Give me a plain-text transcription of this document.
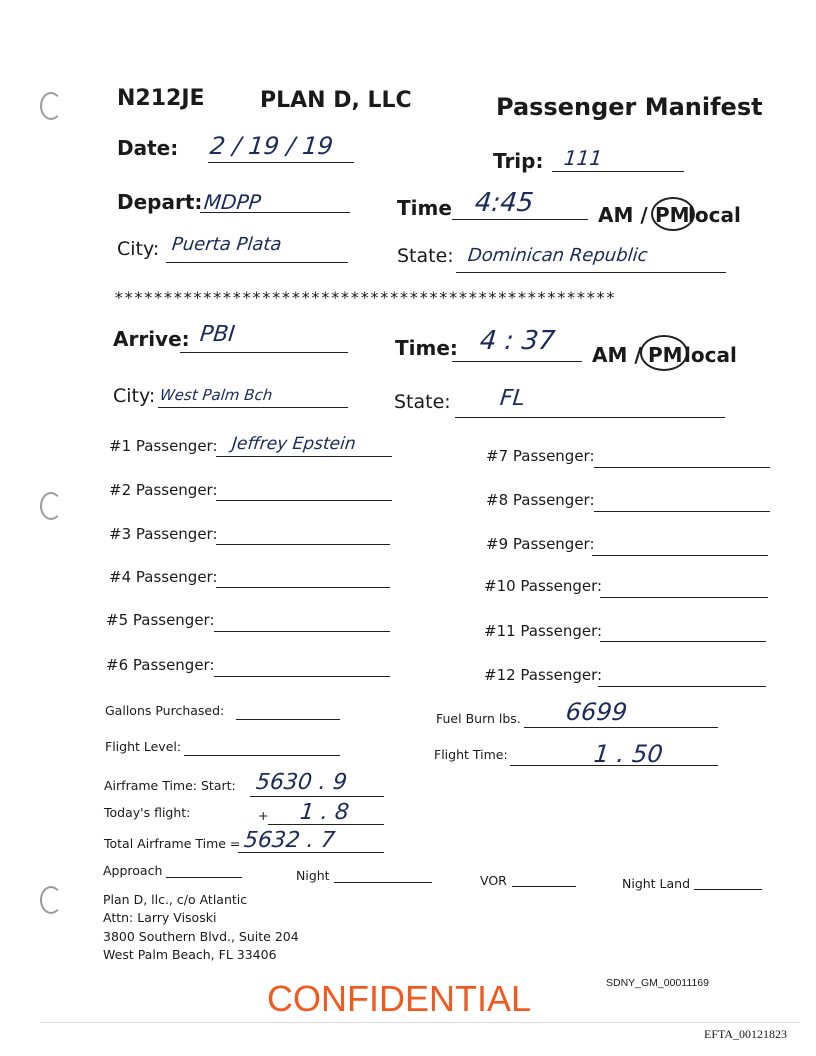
N212JE	PLAN D, LLC	Passenger Manifest
Date: 2 / 19 / 19
Trip: 111
Depart: MDPP	Time 4:45	AM / PM
local
City: Puerta Plata
State: Dominican Republic
***************************************************
Arrive: PBI
Time: 4 : 37 AM / PM local
City: West Palm Bch	State: FL
#1 Passenger: Jeffrey Epstein
#2 Passenger:
#3 Passenger:
#4 Passenger:
#5 Passenger:
#6 Passenger:
#7 Passenger:
#8 Passenger:
#9 Passenger:
#10 Passenger:
#11 Passenger:
#12 Passenger:
Gallons Purchased:
Fuel Burn lbs. 6699
Flight Level:
Flight Time:	1 . 50
Airframe Time: Start: 5630 . 9
Today's flight:	+ 1 . 8
Total Airframe Time = 5632 . 7
Approach	Night	VOR	Night Land
Plan D, llc., c/o Atlantic
Attn: Larry Visoski
3800 Southern Blvd., Suite 204
West Palm Beach, FL 33406
CONFIDENTIAL	SDNY_GM_00011169
EFTA_00121823
